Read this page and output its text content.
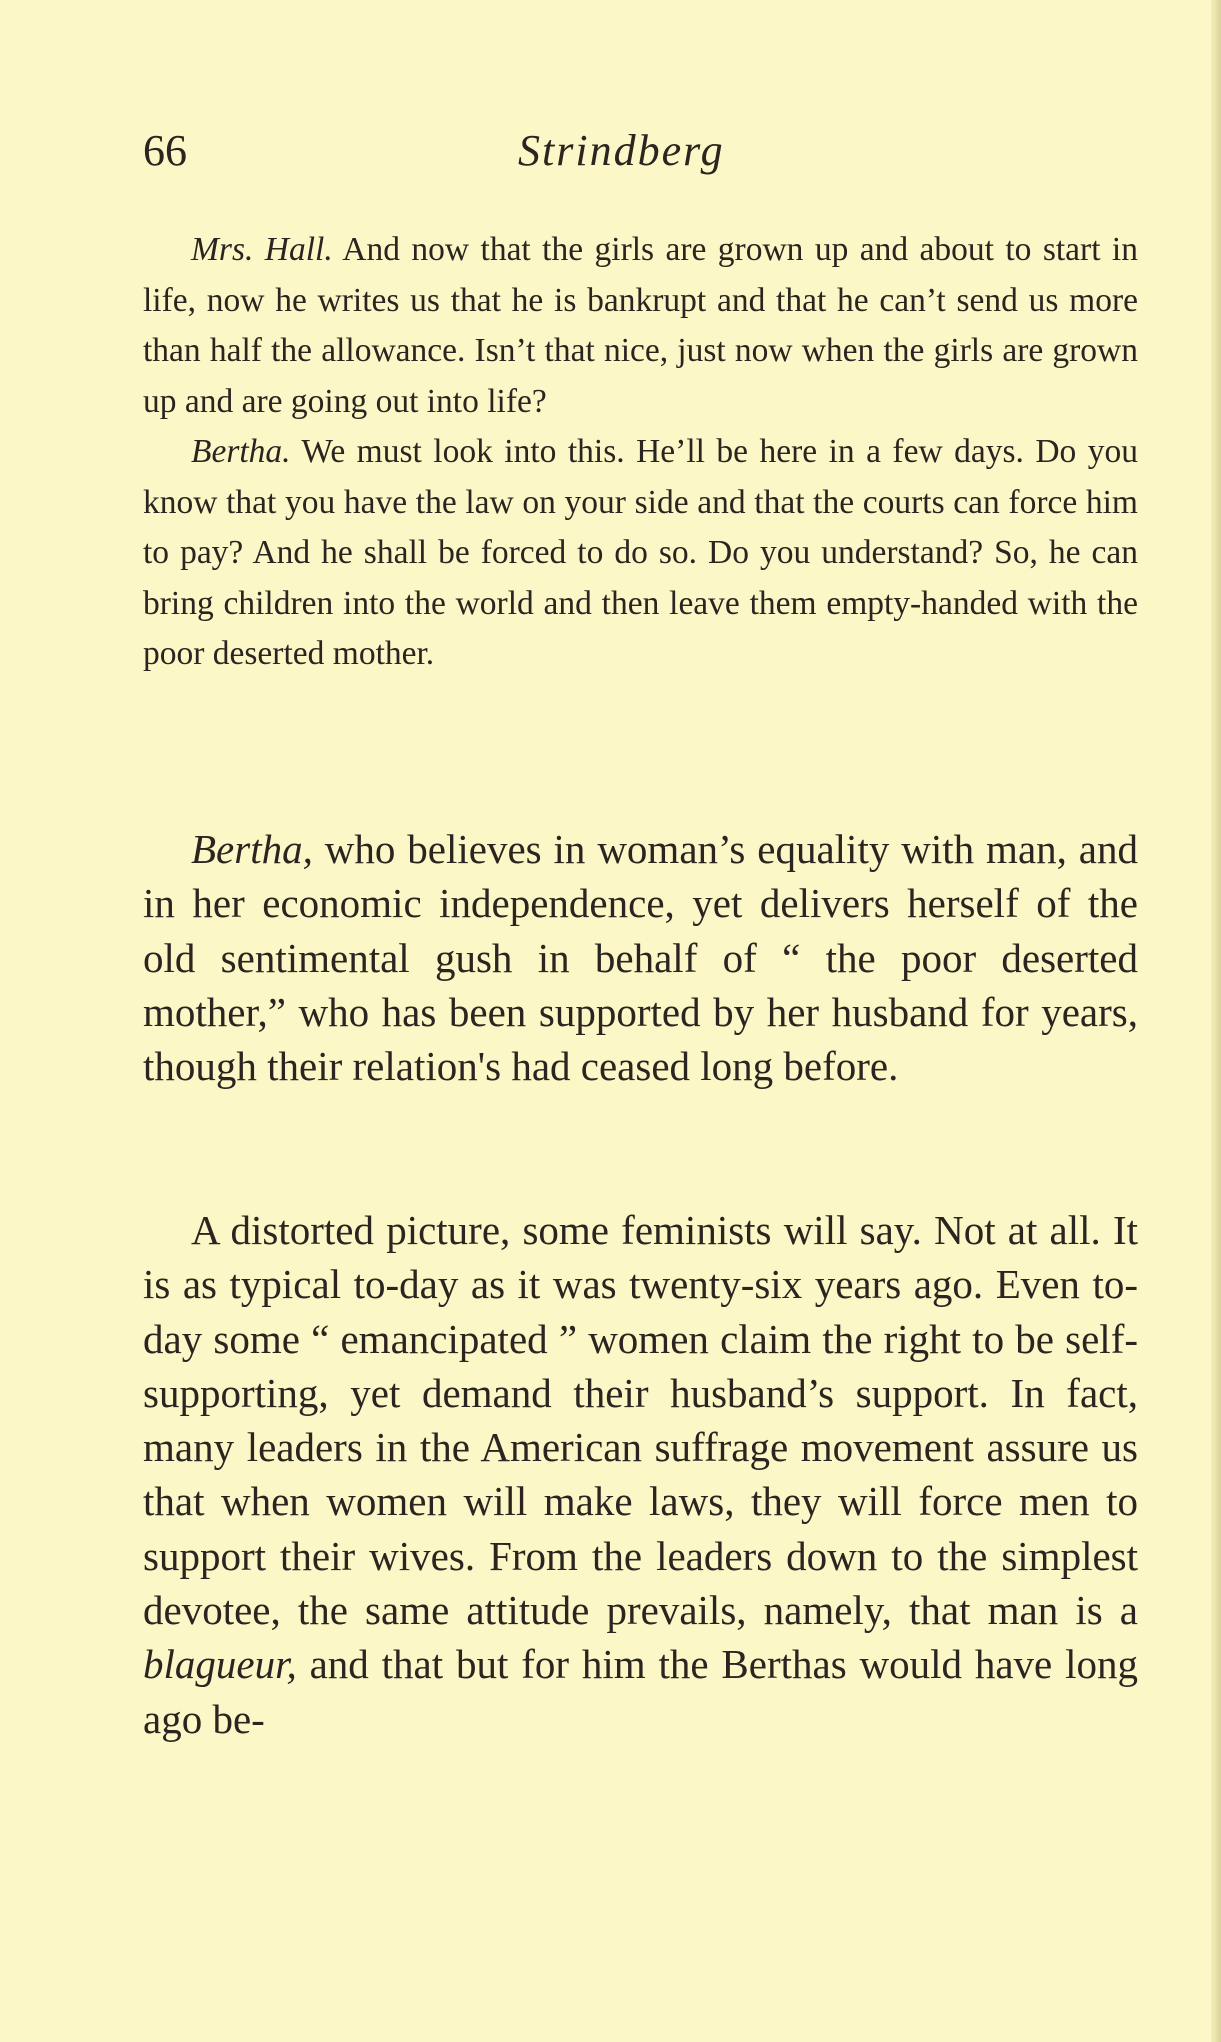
66	Strindberg

Mrs. Hall. And now that the girls are grown up and about to start in life, now he writes us that he is bankrupt and that he can’t send us more than half the allowance. Isn’t that nice, just now when the girls are grown up and are going out into life?

Bertha. We must look into this. He’ll be here in a few days. Do you know that you have the law on your side and that the courts can force him to pay? And he shall be forced to do so. Do you understand? So, he can bring children into the world and then leave them empty-handed with the poor deserted mother.

Bertha, who believes in woman’s equality with man, and in her economic independence, yet delivers herself of the old sentimental gush in behalf of “ the poor deserted mother,” who has been supported by her husband for years, though their relation's had ceased long before.

A distorted picture, some feminists will say. Not at all. It is as typical to-day as it was twenty-six years ago. Even to-day some “ emancipated ” women claim the right to be self-supporting, yet demand their husband’s support. In fact, many leaders in the American suffrage movement assure us that when women will make laws, they will force men to support their wives. From the leaders down to the simplest devotee, the same attitude prevails, namely, that man is a blagueur, and that but for him the Berthas would have long ago be-
